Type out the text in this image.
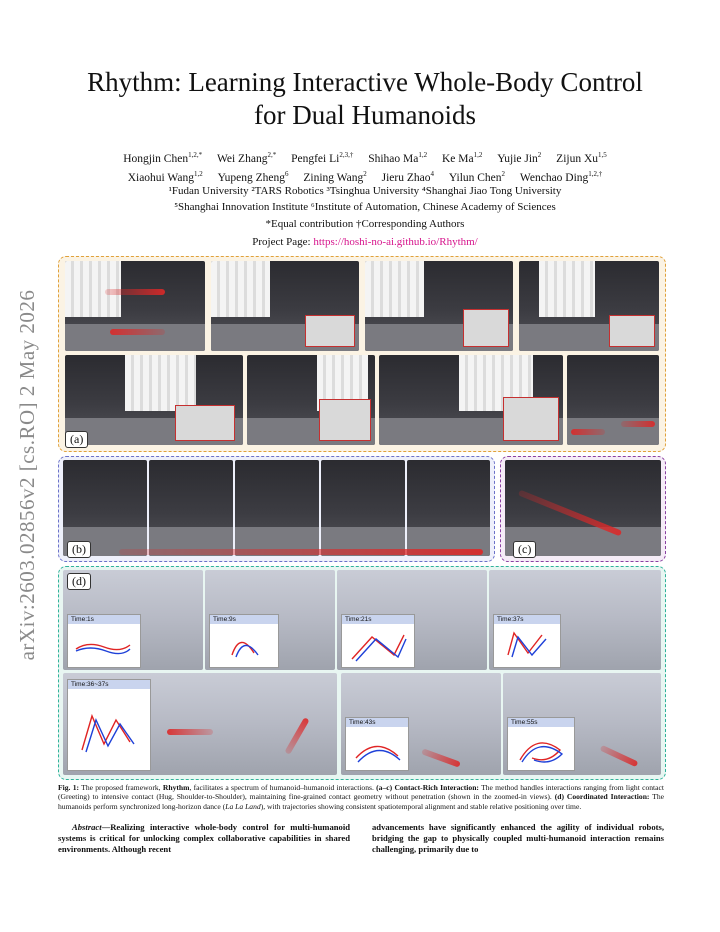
arXiv:2603.02856v2 [cs.RO] 2 May 2026
Rhythm: Learning Interactive Whole-Body Control
for Dual Humanoids
Hongjin Chen$^{1,2,*}$ Wei Zhang$^{2,*}$ Pengfei $Li^{2,3,\dagger}$ Shihao Ma$^{1,2}$ Ke Ma$^{1,2}$ Yujie Jin$^2$ Zijun Xu$^{1,5}$
Xiaohui Wang$^{1,2}$ Yupeng Zheng$^6$ Zining Wang$^2$ Jieru Zhao$^4$ Yilun Chen$^2$ Wenchao Ding$^{1,2,\dagger}$
¹Fudan University ²TARS Robotics ³Tsinghua University ⁴Shanghai Jiao Tong University
⁵Shanghai Innovation Institute ⁶Institute of Automation, Chinese Academy of Sciences
*Equal contribution †Corresponding Authors
Project Page: https://hoshi-no-ai.github.io/Rhythm/
(a)
(b)	(c)
Time:1s	Time:9s	Time:21s	Time:37s
Time:36~37s
Time:43s	Time:55s
(d)
Fig. 1: The proposed framework, Rhythm, facilitates a spectrum of humanoid–humanoid interactions. (a–c) Contact-Rich Interaction: The method handles interactions ranging from light contact (Greeting) to intensive contact (Hug, Shoulder-to-Shoulder), maintaining fine-grained contact geometry without penetration (shown in the zoomed-in views). (d) Coordinated Interaction: The humanoids perform synchronized long-horizon dance (La La Land), with trajectories showing consistent spatiotemporal alignment and stable relative positioning over time.
Abstract—Realizing interactive whole-body control for multi-humanoid systems is critical for unlocking complex collaborative capabilities in shared environments. Although recent
advancements have significantly enhanced the agility of individual robots, bridging the gap to physically coupled multi-humanoid interaction remains challenging, primarily due to
